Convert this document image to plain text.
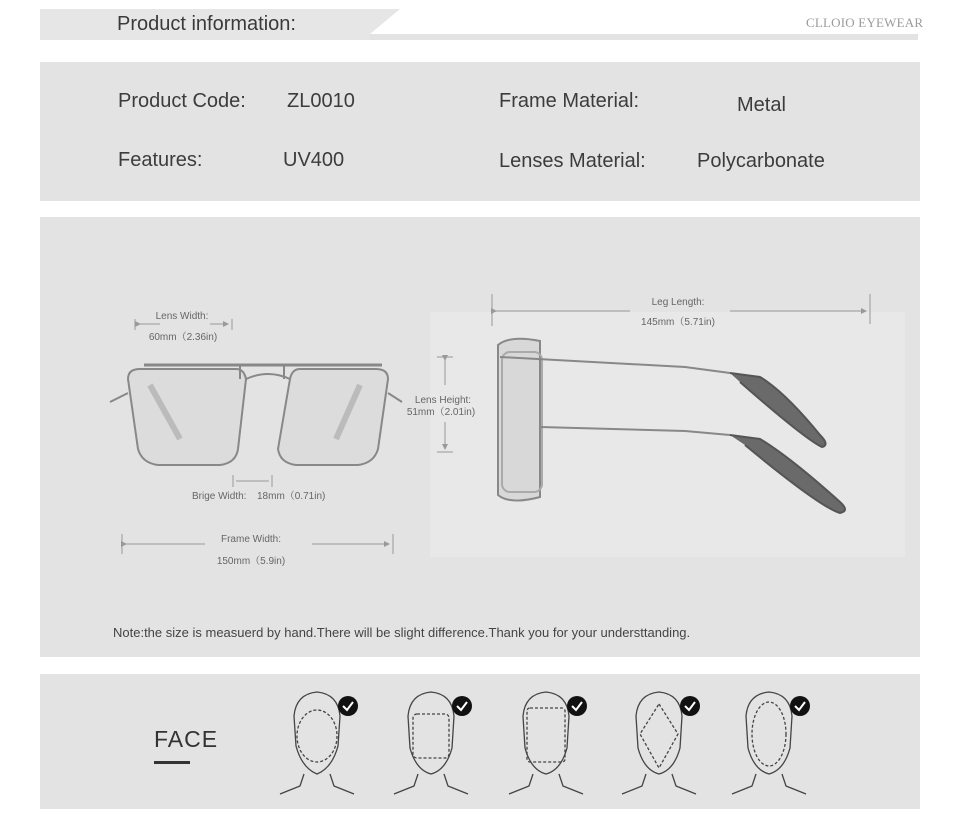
Product information:	CLLOIO EYEWEAR
Product Code: ZL0010
Features:	UV400
Frame Material:	Metal
Lenses Material:	Polycarbonate
Lens Width:
60mm（2.36in)
Brige Width: 18mm（0.71in)
Frame Width:
150mm（5.9in)
Lens Height:
51mm（2.01in)
Leg Length:
145mm（5.71in)
Note:the size is measuerd by hand.There will be slight difference.Thank you for your understtanding.
FACE
